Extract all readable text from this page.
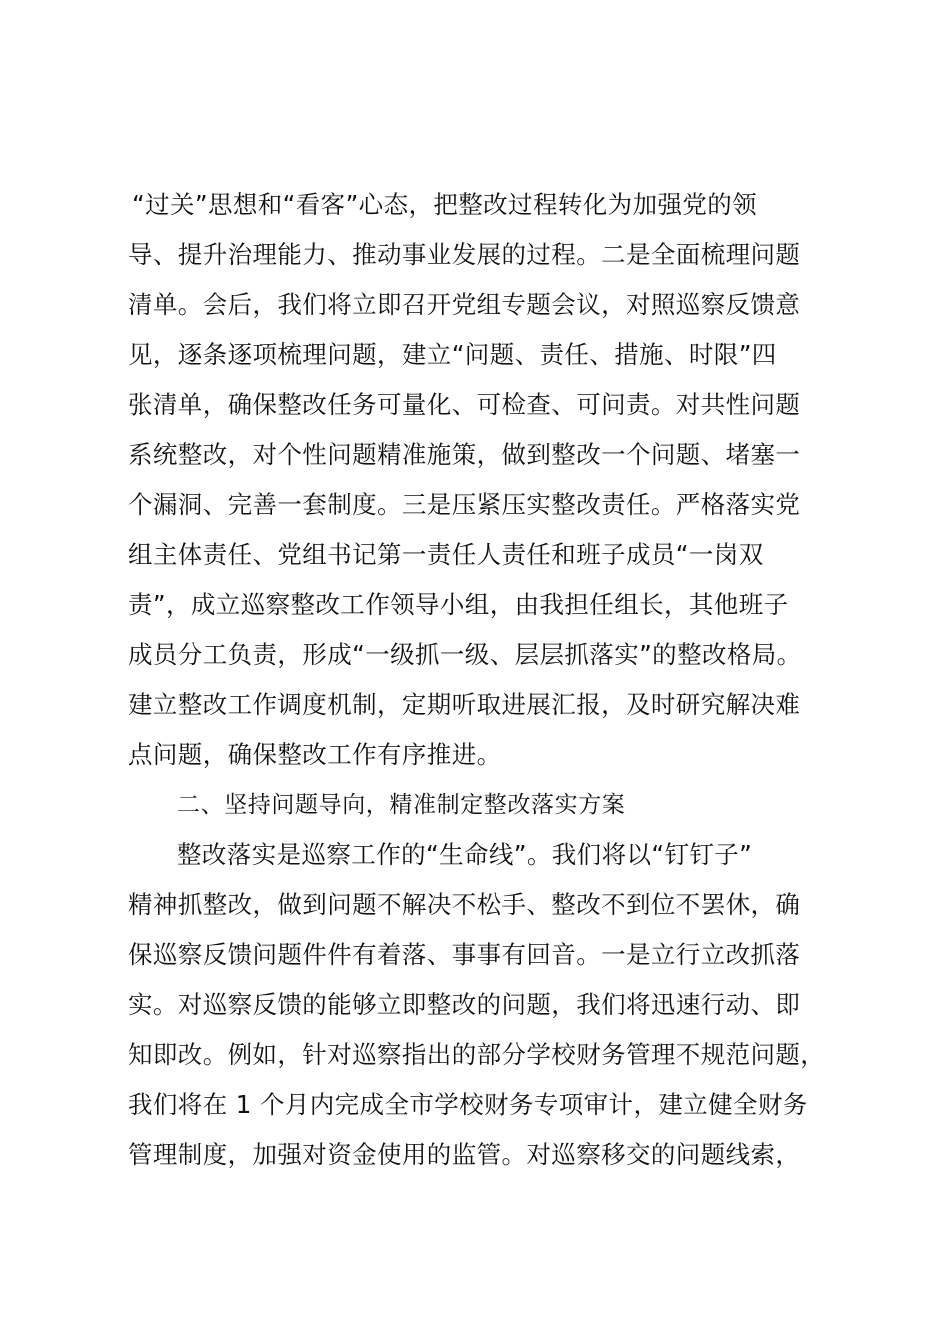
“过关”思想和“看客”心态，把整改过程转化为加强党的领
导、提升治理能力、推动事业发展的过程。二是全面梳理问题
清单。会后，我们将立即召开党组专题会议，对照巡察反馈意
见，逐条逐项梳理问题，建立“问题、责任、措施、时限”四
张清单，确保整改任务可量化、可检查、可问责。对共性问题
系统整改，对个性问题精准施策，做到整改一个问题、堵塞一
个漏洞、完善一套制度。三是压紧压实整改责任。严格落实党
组主体责任、党组书记第一责任人责任和班子成员“一岗双
责”，成立巡察整改工作领导小组，由我担任组长，其他班子
成员分工负责，形成“一级抓一级、层层抓落实”的整改格局。
建立整改工作调度机制，定期听取进展汇报，及时研究解决难
点问题，确保整改工作有序推进。
二、坚持问题导向，精准制定整改落实方案
整改落实是巡察工作的“生命线”。我们将以“钉钉子”
精神抓整改，做到问题不解决不松手、整改不到位不罢休，确
保巡察反馈问题件件有着落、事事有回音。一是立行立改抓落
实。对巡察反馈的能够立即整改的问题，我们将迅速行动、即
知即改。例如，针对巡察指出的部分学校财务管理不规范问题，
我们将在 1 个月内完成全市学校财务专项审计，建立健全财务
管理制度，加强对资金使用的监管。对巡察移交的问题线索，
